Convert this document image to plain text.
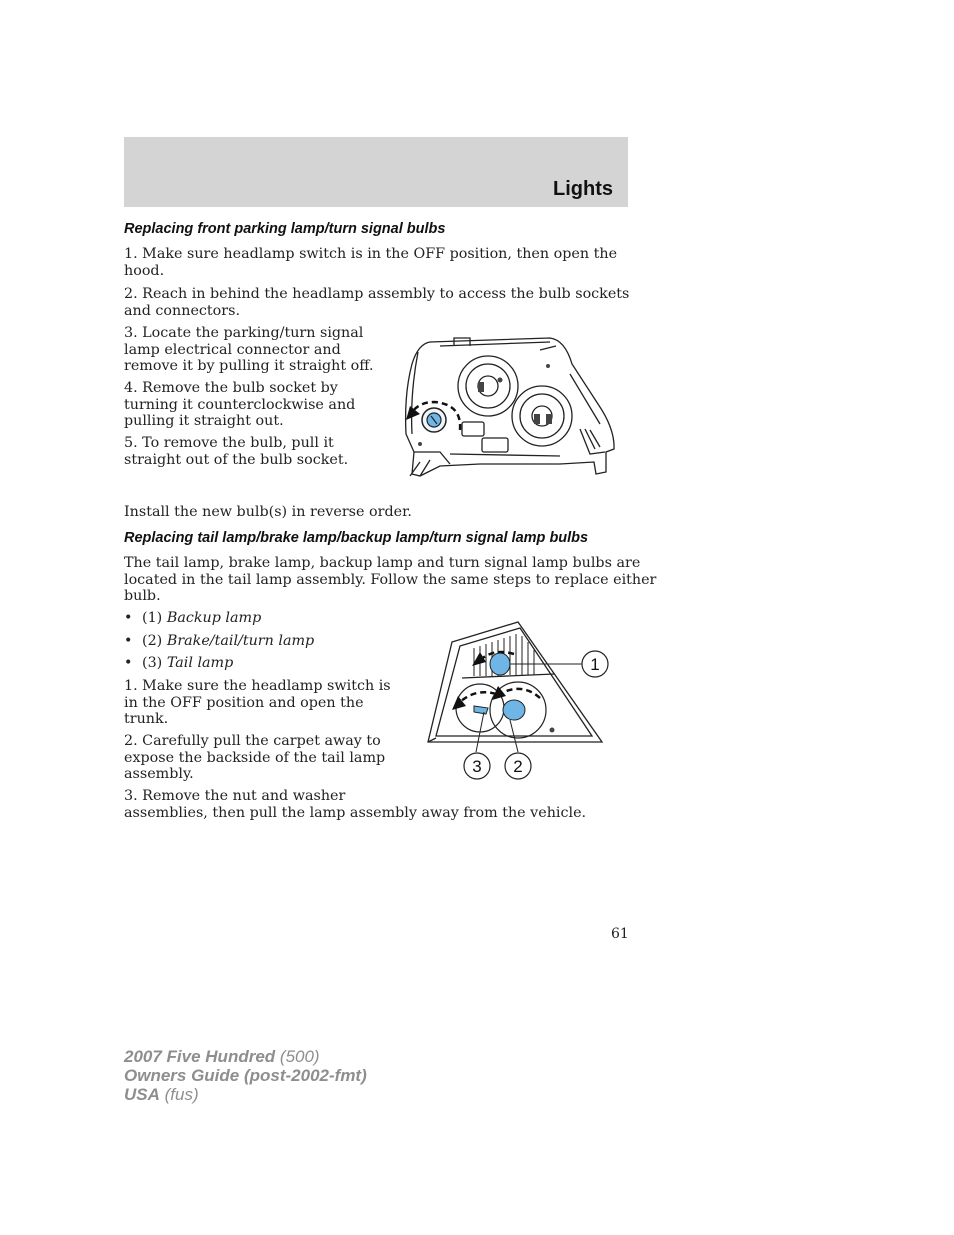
Lights
Replacing front parking lamp/turn signal bulbs
1. Make sure headlamp switch is in the OFF position, then open the
hood.
2. Reach in behind the headlamp assembly to access the bulb sockets
and connectors.
3. Locate the parking/turn signal
lamp electrical connector and
remove it by pulling it straight off.
4. Remove the bulb socket by
turning it counterclockwise and
pulling it straight out.
5. To remove the bulb, pull it
straight out of the bulb socket.
Install the new bulb(s) in reverse order.
Replacing tail lamp/brake lamp/backup lamp/turn signal lamp bulbs
The tail lamp, brake lamp, backup lamp and turn signal lamp bulbs are
located in the tail lamp assembly. Follow the same steps to replace either
bulb.
• (1) Backup lamp
• (2) Brake/tail/turn lamp
• (3) Tail lamp
1. Make sure the headlamp switch is
in the OFF position and open the
trunk.
2. Carefully pull the carpet away to
expose the backside of the tail lamp
assembly.
3. Remove the nut and washer
assemblies, then pull the lamp assembly away from the vehicle.
1
3 2
61
2007 Five Hundred (500)
Owners Guide (post-2002-fmt)
USA (fus)
